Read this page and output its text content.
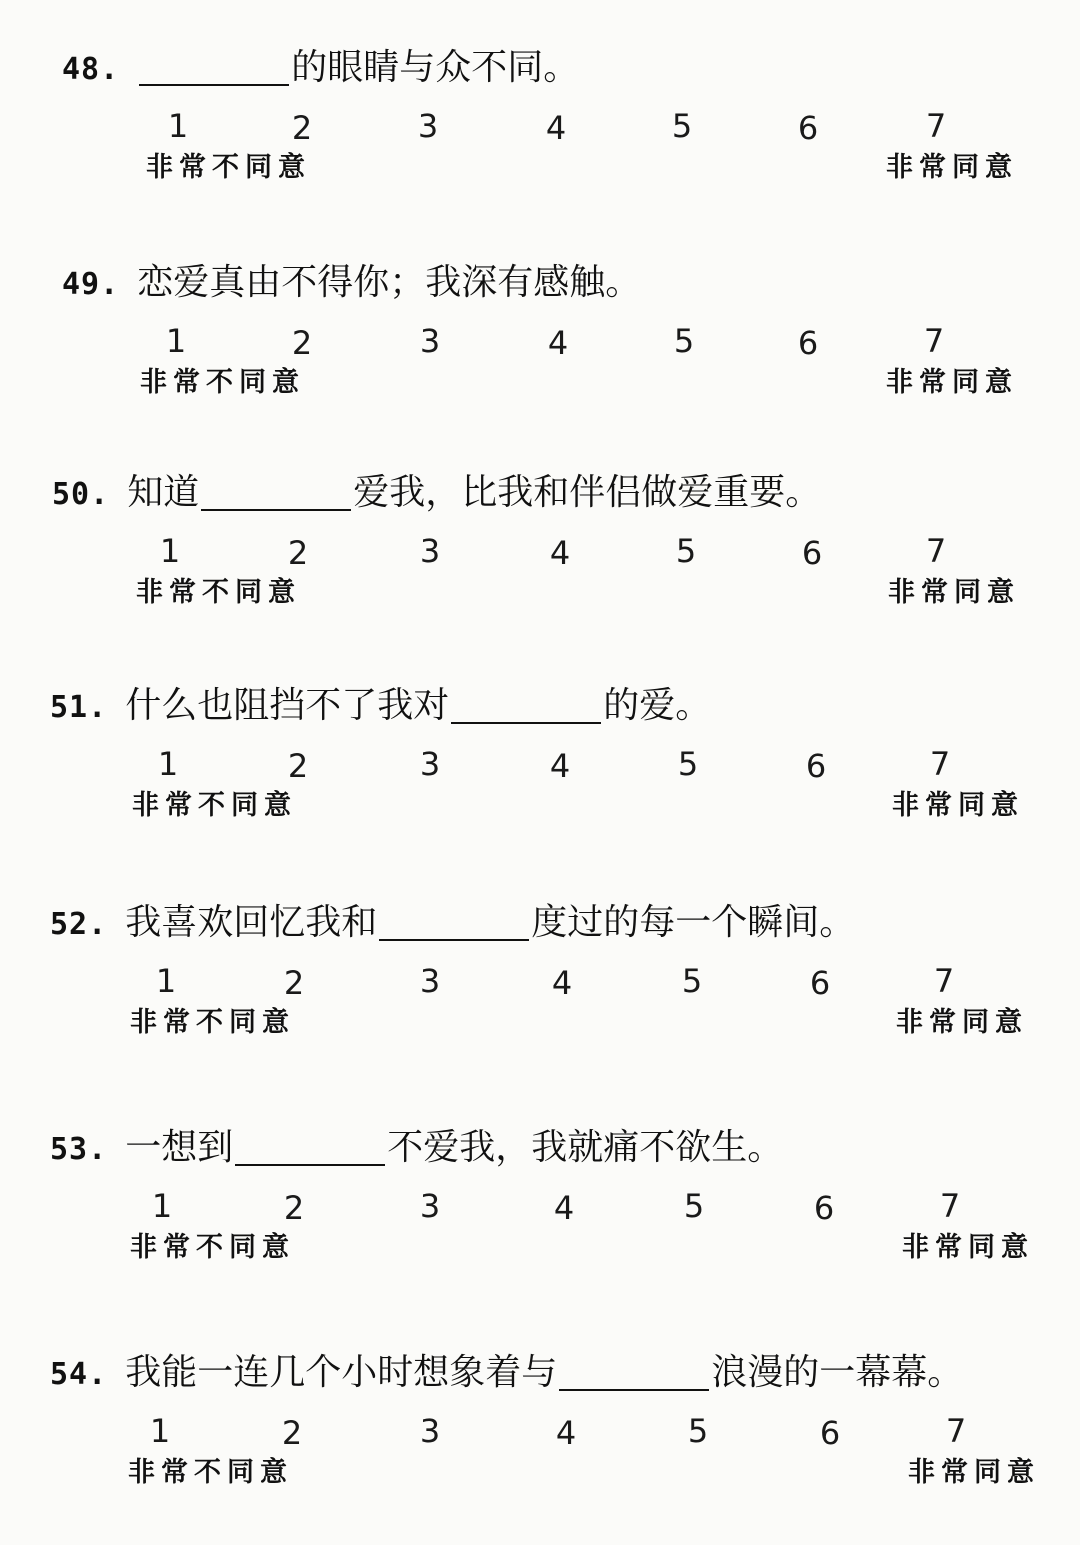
48.	的眼睛与众不同。
1	2	3	4	5	6	7
非常不同意	非常同意
49. 恋爱真由不得你；我深有感触。
1	2	3	4	5	6	7
非常不同意	非常同意
50. 知道	爱我，比我和伴侣做爱重要。
1	2	3	4	5	6	7
非常不同意	非常同意
51. 什么也阻挡不了我对	的爱。
1	2	3	4	5	6	7
非常不同意	非常同意
52. 我喜欢回忆我和	度过的每一个瞬间。
1	2	3	4	5	6	7
非常不同意	非常同意
53. 一想到	不爱我，我就痛不欲生。
1	2	3	4	5	6	7
非常不同意	非常同意
54. 我能一连几个小时想象着与	浪漫的一幕幕。
1	2	3	4	5	6	7
非常不同意	非常同意
